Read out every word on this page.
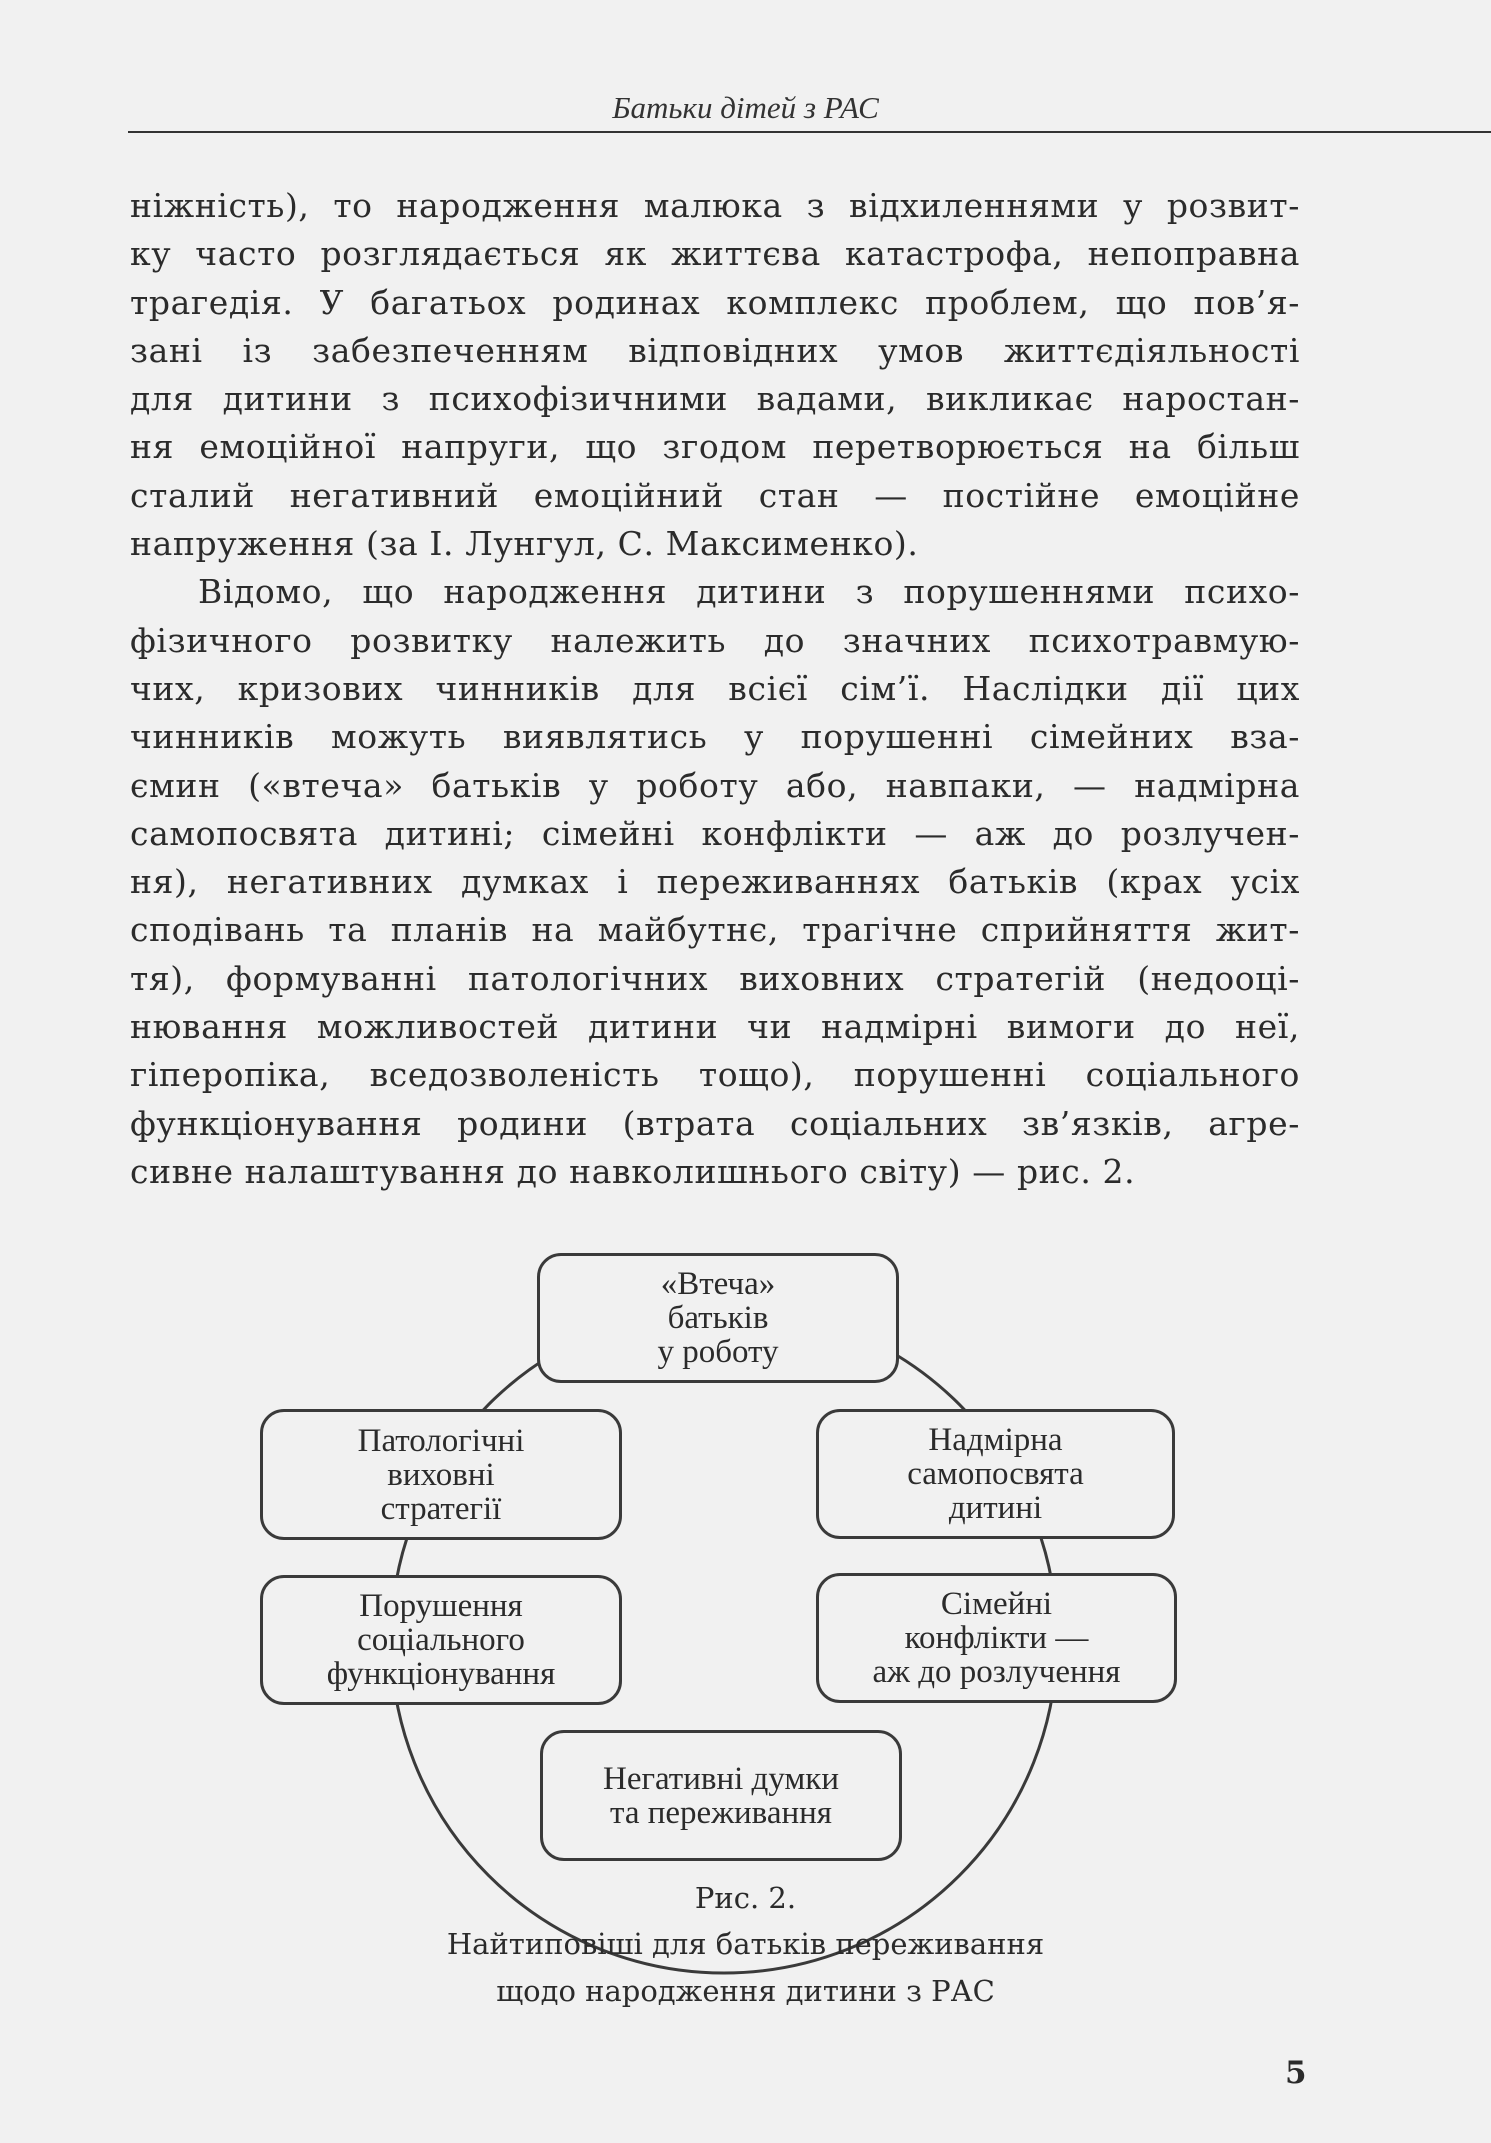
Батьки дітей з РАС
ніжність), то народження малюка з відхиленнями у розвит-
ку часто розглядається як життєва катастрофа, непоправна
трагедія. У багатьох родинах комплекс проблем, що пов’я-
зані із забезпеченням відповідних умов життєдіяльності
для дитини з психофізичними вадами, викликає наростан-
ня емоційної напруги, що згодом перетворюється на більш
сталий негативний емоційний стан — постійне емоційне
напруження (за І. Лунгул, С. Максименко).
Відомо, що народження дитини з порушеннями психо-
фізичного розвитку належить до значних психотравмую-
чих, кризових чинників для всієї сім’ї. Наслідки дії цих
чинників можуть виявлятись у порушенні сімейних вза-
ємин («втеча» батьків у роботу або, навпаки, — надмірна
самопосвята дитині; сімейні конфлікти — аж до розлучен-
ня), негативних думках і переживаннях батьків (крах усіх
сподівань та планів на майбутнє, трагічне сприйняття жит-
тя), формуванні патологічних виховних стратегій (недооці-
нювання можливостей дитини чи надмірні вимоги до неї,
гіперопіка, вседозволеність тощо), порушенні соціального
функціонування родини (втрата соціальних зв’язків, агре-
сивне налаштування до навколишнього світу) — рис. 2.
«Втеча»
батьків
у роботу
Надмірна
самопосвята
дитині
Сімейні
конфлікти —
аж до розлучення
Негативні думки
та переживання
Порушення
соціального
функціонування
Патологічні
виховні
стратегії
Рис. 2.
Найтиповіші для батьків переживання
щодо народження дитини з РАС
5
